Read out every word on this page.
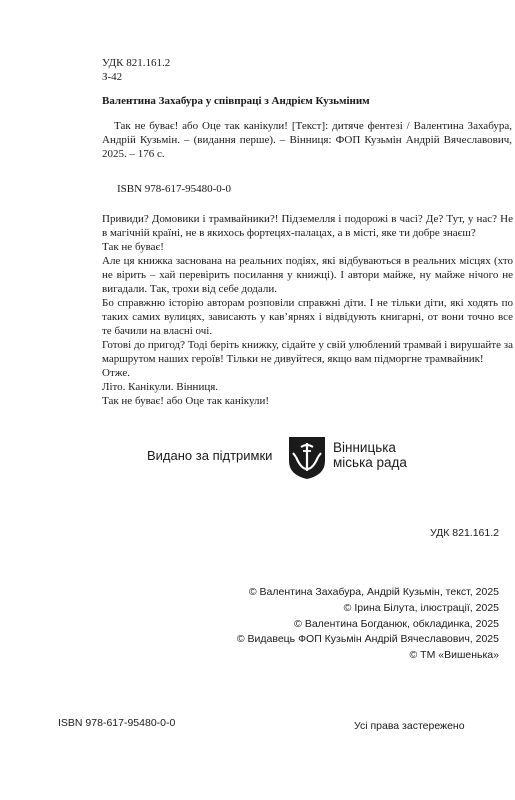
УДК 821.161.2
З-42
Валентина Захабура у співпраці з Андрієм Кузьміним

Так не буває! або Оце так канікули! [Текст]: дитяче фентезі / Валентина Захабура, Андрій Кузьмін. – (видання перше). – Вінниця: ФОП Кузьмін Андрій Вячеславович, 2025. – 176 с.

ISBN 978-617-95480-0-0

Привиди? Домовики і трамвайники?! Підземелля і подорожі в часі? Де? Тут, у нас? Не в магічній країні, не в якихось фортецях-палацах, а в місті, яке ти добре знаєш?

Так не буває!

Але ця книжка заснована на реальних подіях, які відбуваються в реальних місцях (хто не вірить – хай перевірить посилання у книжці). І автори майже, ну майже нічого не вигадали. Так, трохи від себе додали.

Бо справжню історію авторам розповіли справжні діти. І не тільки діти, які ходять по таких самих вулицях, зависають у кав’ярнях і відвідують книгарні, от вони точно все те бачили на власні очі.

Готові до пригод? Тоді беріть книжку, сідайте у свій улюблений трамвай і вирушайте за маршрутом наших героїв! Тільки не дивуйтеся, якщо вам підморгне трамвайник!

Отже.

Літо. Канікули. Вінниця.

Так не буває! або Оце так канікули!

Видано за підтримки
Вінницька
міська рада
УДК 821.161.2
© Валентина Захабура, Андрій Кузьмін, текст, 2025
© Ірина Білута, ілюстрації, 2025
© Валентина Богданюк, обкладинка, 2025
© Видавець ФОП Кузьмін Андрій Вячеславович, 2025
© ТМ «Вишенька»
ISBN 978-617-95480-0-0	Усі права застережено
